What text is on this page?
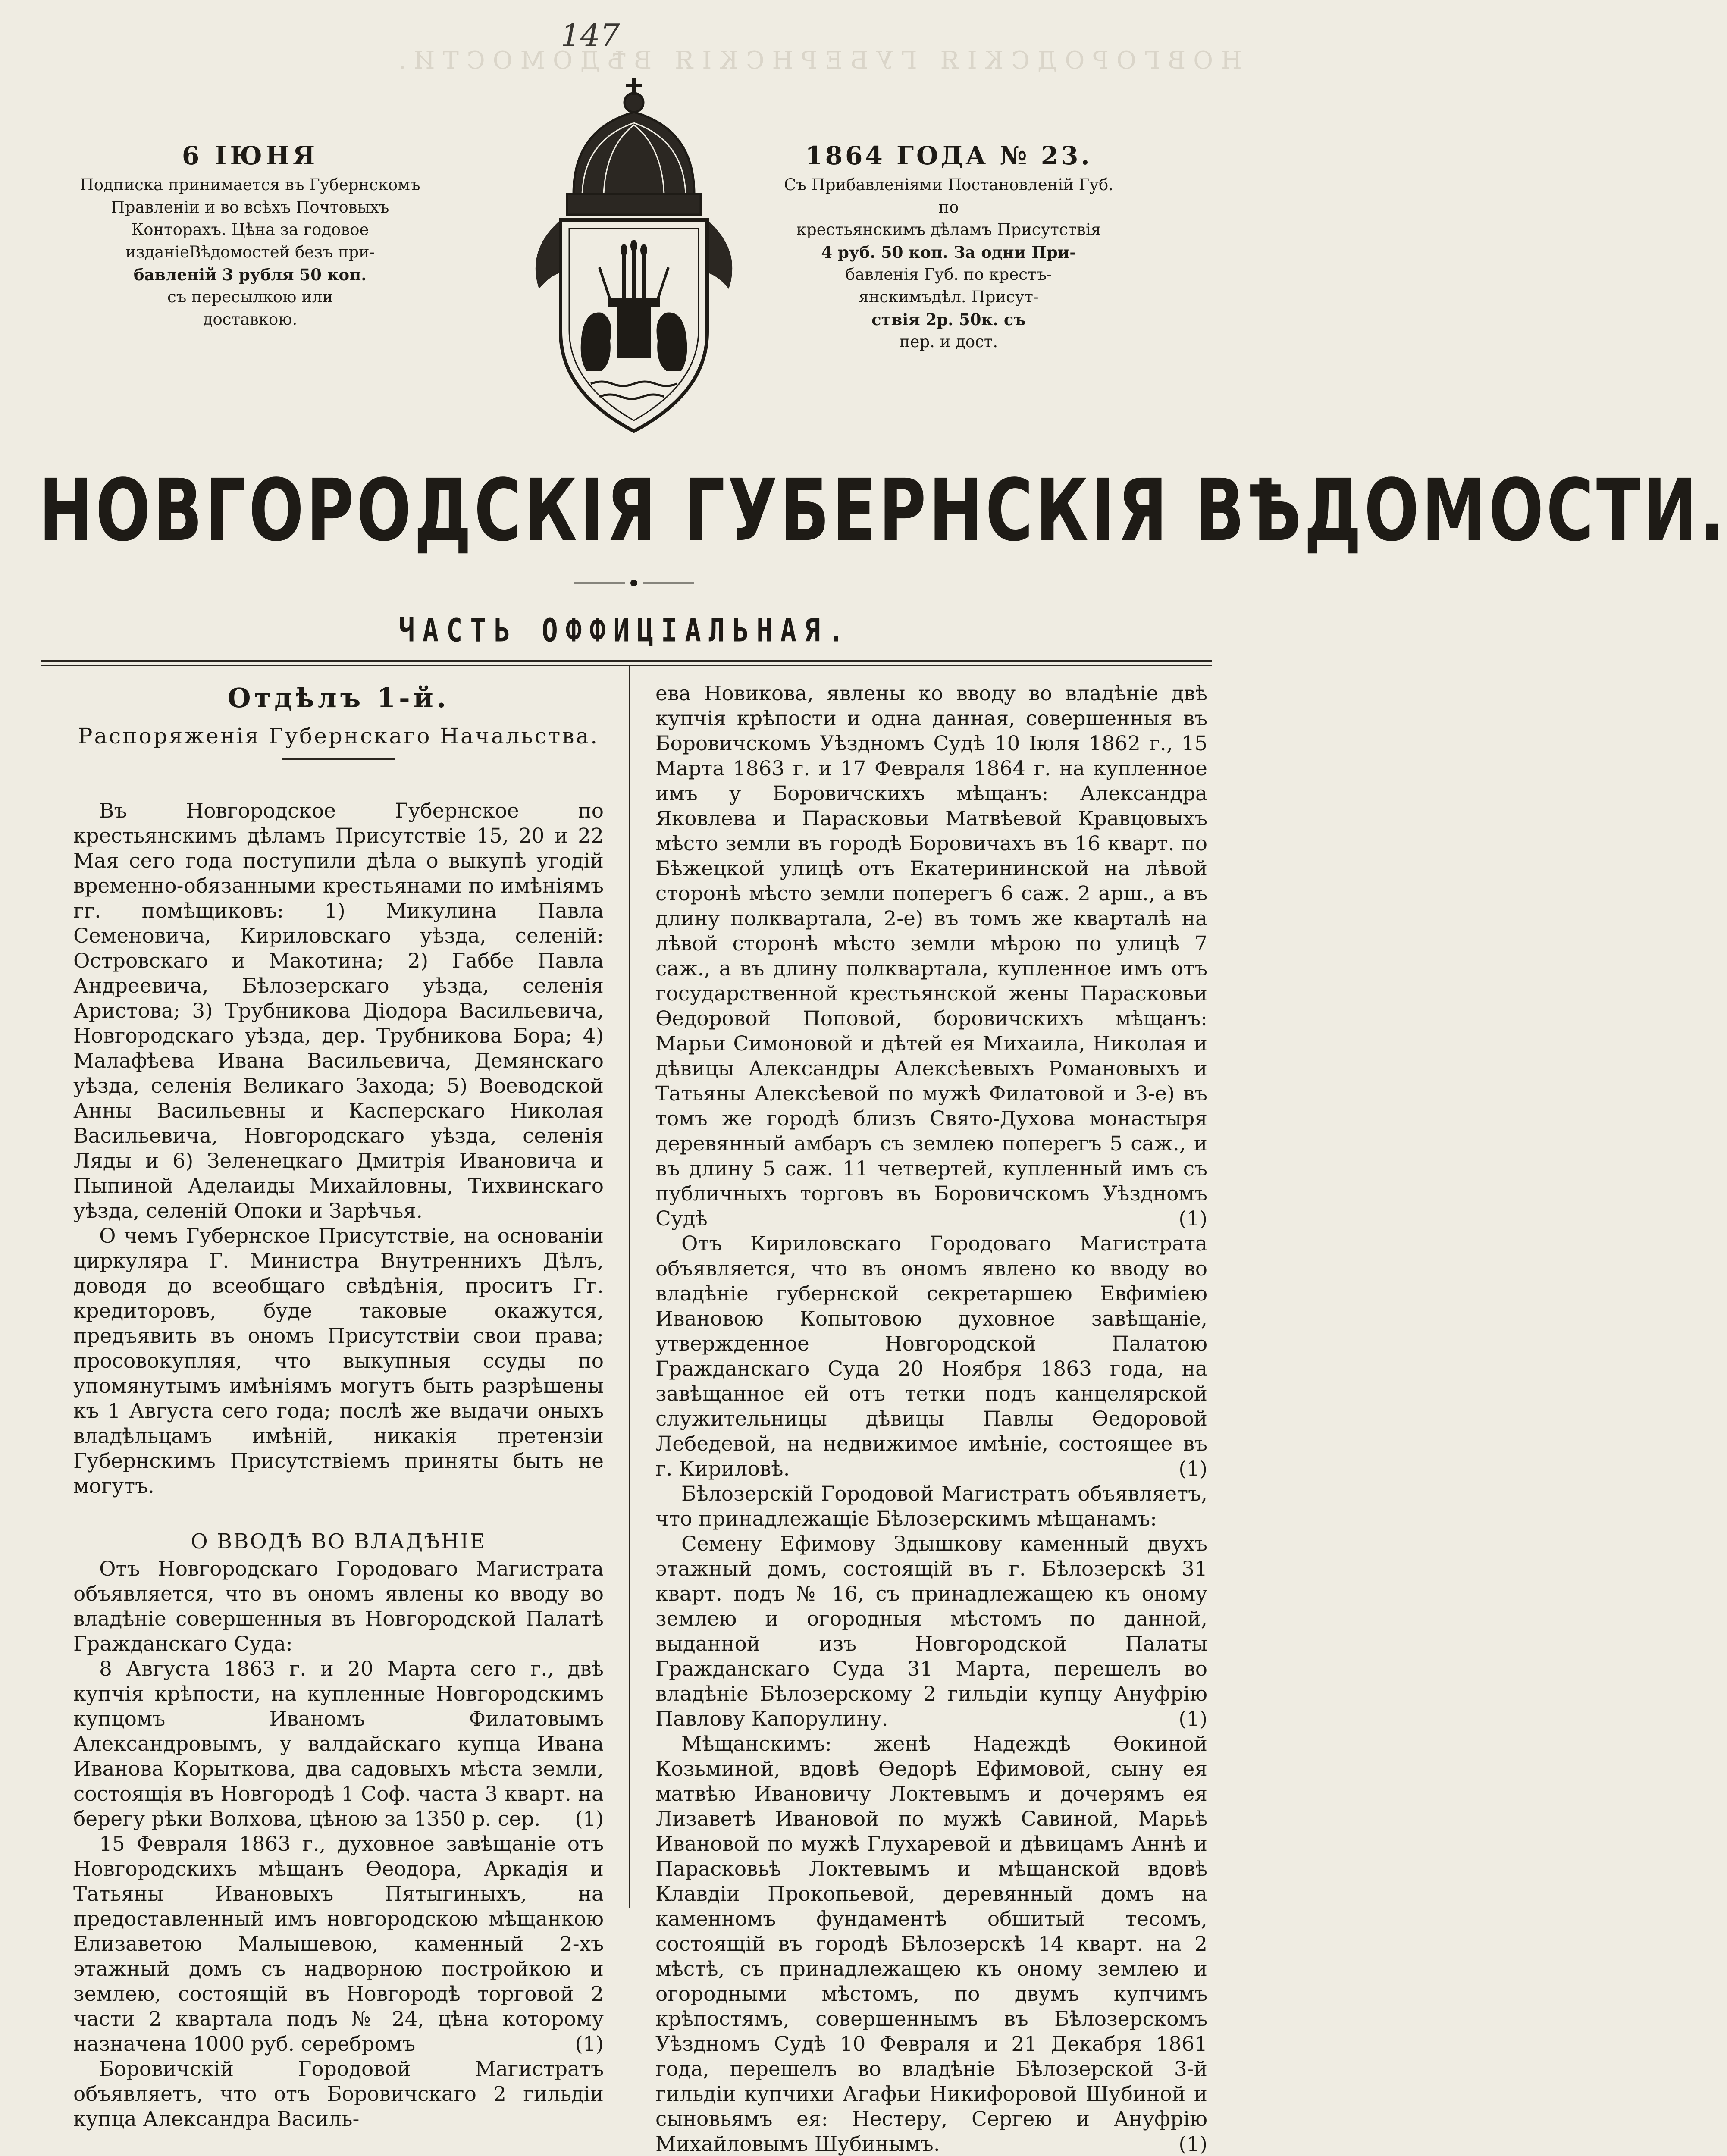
НОВГОРОДСКІЯ ГУБЕРНСКІЯ ВѢДОМОСТИ.
147
6 ІЮНЯ
Подписка принимается въ Губернскомъ
Правленіи и во всѣхъ Почтовыхъ
Конторахъ. Цѣна за годовое
изданіеВѣдомостей безъ при-
бавленій 3 рубля 50 коп.
съ пересылкою или
доставкою.
1864 ГОДА № 23.
Съ Прибавленіями Постановленій Губ. по
крестьянскимъ дѣламъ Присутствія
4 руб. 50 коп. За одни При-
бавленія Губ. по крестъ-
янскимъдѣл. Присут-
ствія 2р. 50к. съ
пер. и дост.
НОВГОРОДСКІЯ ГУБЕРНСКІЯ ВѢДОМОСТИ.
ЧАСТЬ ОФФИЦІАЛЬНАЯ.
Отдѣлъ 1-й.
Распоряженія Губернскаго Начальства.

Въ Новгородское Губернское по крестьянскимъ дѣламъ Присутствіе 15, 20 и 22 Мая сего года поступили дѣла о выкупѣ угодій временно-обязанными крестьянами по имѣніямъ гг. помѣщиковъ: 1) Микулина Павла Семеновича, Кириловскаго уѣзда, селеній: Островскаго и Макотина; 2) Габбе Павла Андреевича, Бѣлозерскаго уѣзда, селенія Аристова; 3) Трубникова Діодора Васильевича, Новгородскаго уѣзда, дер. Трубникова Бора; 4) Малафѣева Ивана Васильевича, Демянскаго уѣзда, селенія Великаго Захода; 5) Воеводской Анны Васильевны и Касперскаго Николая Васильевича, Новгородскаго уѣзда, селенія Ляды и 6) Зеленецкаго Дмитрія Ивановича и Пыпиной Аделаиды Михайловны, Тихвинскаго уѣзда, селеній Опоки и Зарѣчья.

О чемъ Губернское Присутствіе, на основаніи циркуляра Г. Министра Внутреннихъ Дѣлъ, доводя до всеобщаго свѣдѣнія, проситъ Гг. кредиторовъ, буде таковые окажутся, предъявить въ ономъ Присутствіи свои права; просовокупляя, что выкупныя ссуды по упомянутымъ имѣніямъ могутъ быть разрѣшены къ 1 Августа сего года; послѣ же выдачи оныхъ владѣльцамъ имѣній, никакія претензіи Губернскимъ Присутствіемъ приняты быть не могутъ.

О ВВОДѢ ВО ВЛАДѢНІЕ

Отъ Новгородскаго Городоваго Магистрата объявляется, что въ ономъ явлены ко вводу во владѣніе совершенныя въ Новгородской Палатѣ Гражданскаго Суда:

8 Августа 1863 г. и 20 Марта сего г., двѣ купчія крѣпости, на купленные Новгородскимъ купцомъ Иваномъ Филатовымъ Александровымъ, у валдайскаго купца Ивана Иванова Корыткова, два садовыхъ мѣста земли, состоящія въ Новгородѣ 1 Соф. часта 3 кварт. на берегу рѣки Волхова, цѣною за 1350 р. сер.	(1)

15 Февраля 1863 г., духовное завѣщаніе отъ Новгородскихъ мѣщанъ Ѳеодора, Аркадія и Татьяны Ивановыхъ Пятыгиныхъ, на предоставленный имъ новгородскою мѣщанкою Елизаветою Малышевою, каменный 2-хъ этажный домъ съ надворною постройкою и землею, состоящій въ Новгородѣ торговой 2 части 2 квартала подъ № 24, цѣна которому назначена 1000 руб. серебромъ	(1)

Боровичскій Городовой Магистратъ объявляетъ, что отъ Боровичскаго 2 гильдіи купца Александра Василь-

ева Новикова, явлены ко вводу во владѣніе двѣ купчія крѣпости и одна данная, совершенныя въ Боровичскомъ Уѣздномъ Судѣ 10 Іюля 1862 г., 15 Марта 1863 г. и 17 Февраля 1864 г. на купленное имъ у Боровичскихъ мѣщанъ: Александра Яковлева и Парасковьи Матвѣевой Кравцовыхъ мѣсто земли въ городѣ Боровичахъ въ 16 кварт. по Бѣжецкой улицѣ отъ Екатерининской на лѣвой сторонѣ мѣсто земли поперегъ 6 саж. 2 арш., а въ длину полквартала, 2-е) въ томъ же кварталѣ на лѣвой сторонѣ мѣсто земли мѣрою по улицѣ 7 саж., а въ длину полквартала, купленное имъ отъ государственной крестьянской жены Парасковьи Ѳедоровой Поповой, боровичскихъ мѣщанъ: Марьи Симоновой и дѣтей ея Михаила, Николая и дѣвицы Александры Алексѣевыхъ Романовыхъ и Татьяны Алексѣевой по мужѣ Филатовой и 3-е) въ томъ же городѣ близъ Свято-Духова монастыря деревянный амбаръ съ землею поперегъ 5 саж., и въ длину 5 саж. 11 четвертей, купленный имъ съ публичныхъ торговъ въ Боровичскомъ Уѣздномъ Судѣ	(1)

Отъ Кириловскаго Городоваго Магистрата объявляется, что въ ономъ явлено ко вводу во владѣніе губернской секретаршею Евфиміею Ивановою Копытовою духовное завѣщаніе, утвержденное Новгородской Палатою Гражданскаго Суда 20 Ноября 1863 года, на завѣщанное ей отъ тетки подъ канцелярской служительницы дѣвицы Павлы Ѳедоровой Лебедевой, на недвижимое имѣніе, состоящее въ г. Кириловѣ.	(1)

Бѣлозерскій Городовой Магистратъ объявляетъ, что принадлежащіе Бѣлозерскимъ мѣщанамъ:

Семену Ефимову Здышкову каменный двухъ этажный домъ, состоящій въ г. Бѣлозерскѣ 31 кварт. подъ № 16, съ принадлежащею къ оному землею и огородныя мѣстомъ по данной, выданной изъ Новгородской Палаты Гражданскаго Суда 31 Марта, перешелъ во владѣніе Бѣлозерскому 2 гильдіи купцу Ануфрію Павлову Капорулину.	(1)

Мѣщанскимъ: женѣ Надеждѣ Ѳокиной Козьминой, вдовѣ Ѳедорѣ Ефимовой, сыну ея матвѣю Ивановичу Локтевымъ и дочерямъ ея Лизаветѣ Ивановой по мужѣ Савиной, Марьѣ Ивановой по мужѣ Глухаревой и дѣвицамъ Аннѣ и Парасковьѣ Локтевымъ и мѣщанской вдовѣ Клавдіи Прокопьевой, деревянный домъ на каменномъ фундаментѣ обшитый тесомъ, состоящій въ городѣ Бѣлозерскѣ 14 кварт. на 2 мѣстѣ, съ принадлежащею къ оному землею и огородными мѣстомъ, по двумъ купчимъ крѣпостямъ, совершеннымъ въ Бѣлозерскомъ Уѣздномъ Судѣ 10 Февраля и 21 Декабря 1861 года, перешелъ во владѣніе Бѣлозерской 3-й гильдіи купчихи Агафьи Никифоровой Шубиной и сыновьямъ ея: Нестеру, Сергею и Ануфрію Михайловымъ Шубинымъ.	(1)
